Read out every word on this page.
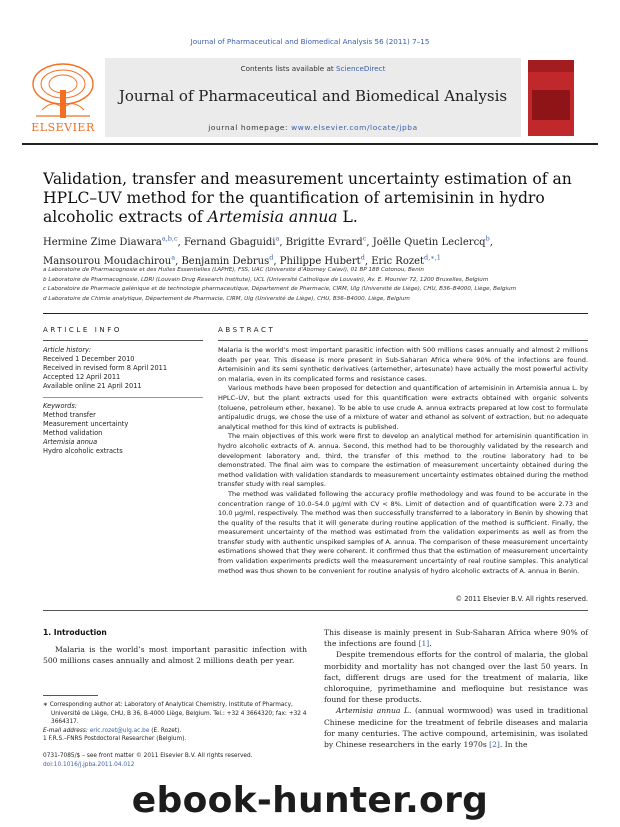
Journal of Pharmaceutical and Biomedical Analysis 56 (2011) 7–15
ELSEVIER
Contents lists available at ScienceDirect
Journal of Pharmaceutical and Biomedical Analysis
journal homepage: www.elsevier.com/locate/jpba
Validation, transfer and measurement uncertainty estimation of an HPLC–UV method for the quantification of artemisinin in hydro alcoholic extracts of Artemisia annua L.
Hermine Zime Diawara$^{a,b,c}$, Fernand Gbaguidi$^a$, Brigitte Evrard$^c$, Joëlle Quetin Leclercq$^b$,
Mansourou Moudachirou$^a$, Benjamin Debrus$^d$, Philippe Hubert$^d$, Eric Rozet$^{d,∗,1}$
a Laboratoire de Pharmacognosie et des Huiles Essentielles (LAPHE), FSS, UAC (Université d’Abomey Calavi), 01 BP 188 Cotonou, Benin
b Laboratoire de Pharmacognosie, LDRI (Louvain Drug Research Institute), UCL (Université Catholique de Louvain), Av. E. Mounier 72, 1200 Bruxelles, Belgium
c Laboratoire de Pharmacie galénique et de technologie pharmaceutique, Département de Pharmacie, CIRM, Ulg (Université de Liège), CHU, B36–B4000, Liège, Belgium
d Laboratoire de Chimie analytique, Département de Pharmacie, CIRM, Ulg (Université de Liège), CHU, B36–B4000, Liège, Belgium
ARTICLE INFO	ABSTRACT
Article history:
Received 1 December 2010
Received in revised form 8 April 2011
Accepted 12 April 2011
Available online 21 April 2011
Keywords:
Method transfer
Measurement uncertainty
Method validation
Artemisia annua
Hydro alcoholic extracts

Malaria is the world’s most important parasitic infection with 500 millions cases annually and almost 2 millions death per year. This disease is more present in Sub-Saharan Africa where 90% of the infections are found. Artemisinin and its semi synthetic derivatives (artemether, artesunate) have actually the most powerful activity on malaria, even in its complicated forms and resistance cases.

Various methods have been proposed for detection and quantification of artemisinin in Artemisia annua L. by HPLC–UV, but the plant extracts used for this quantification were extracts obtained with organic solvents (toluene, petroleum ether, hexane). To be able to use crude A. annua extracts prepared at low cost to formulate antipaludic drugs, we chose the use of a mixture of water and ethanol as solvent of extraction, but no adequate analytical method for this kind of extracts is published.

The main objectives of this work were first to develop an analytical method for artemisinin quantification in hydro alcoholic extracts of A. annua. Second, this method had to be thoroughly validated by the research and development laboratory and, third, the transfer of this method to the routine laboratory had to be demonstrated. The final aim was to compare the estimation of measurement uncertainty obtained during the method validation with validation standards to measurement uncertainty estimates obtained during the method transfer study with real samples.

The method was validated following the accuracy profile methodology and was found to be accurate in the concentration range of 10.0–54.0 μg/ml with CV < 8%. Limit of detection and of quantification were 2.73 and 10.0 μg/ml, respectively. The method was then successfully transferred to a laboratory in Benin by showing that the quality of the results that it will generate during routine application of the method is sufficient. Finally, the measurement uncertainty of the method was estimated from the validation experiments as well as from the transfer study with authentic unspiked samples of A. annua. The comparison of these measurement uncertainty estimations showed that they were coherent. It confirmed thus that the estimation of measurement uncertainty from validation experiments predicts well the measurement uncertainty of real routine samples. This analytical method was thus shown to be convenient for routine analysis of hydro alcoholic extracts of A. annua in Benin.

© 2011 Elsevier B.V. All rights reserved.
1. Introduction

Malaria is the world’s most important parasitic infection with 500 millions cases annually and almost 2 millions death per year.

∗ Corresponding author at: Laboratory of Analytical Chemistry, Institute of Pharmacy, Université de Liège, CHU, B 36, B-4000 Liège, Belgium. Tel.: +32 4 3664320; fax: +32 4 3664317.

E-mail address: eric.rozet@ulg.ac.be (E. Rozet).

1 F.R.S.–FNRS Postdoctoral Researcher (Belgium).

0731-7085/$ – see front matter © 2011 Elsevier B.V. All rights reserved.
doi:10.1016/j.jpba.2011.04.012

This disease is mainly present in Sub-Saharan Africa where 90% of the infections are found [1].

Despite tremendous efforts for the control of malaria, the global morbidity and mortality has not changed over the last 50 years. In fact, different drugs are used for the treatment of malaria, like chloroquine, pyrimethamine and mefloquine but resistance was found for these products.

Artemisia annua L. (annual wormwood) was used in traditional Chinese medicine for the treatment of febrile diseases and malaria for many centuries. The active compound, artemisinin, was isolated by Chinese researchers in the early 1970s [2]. In the

ebook-hunter.org
